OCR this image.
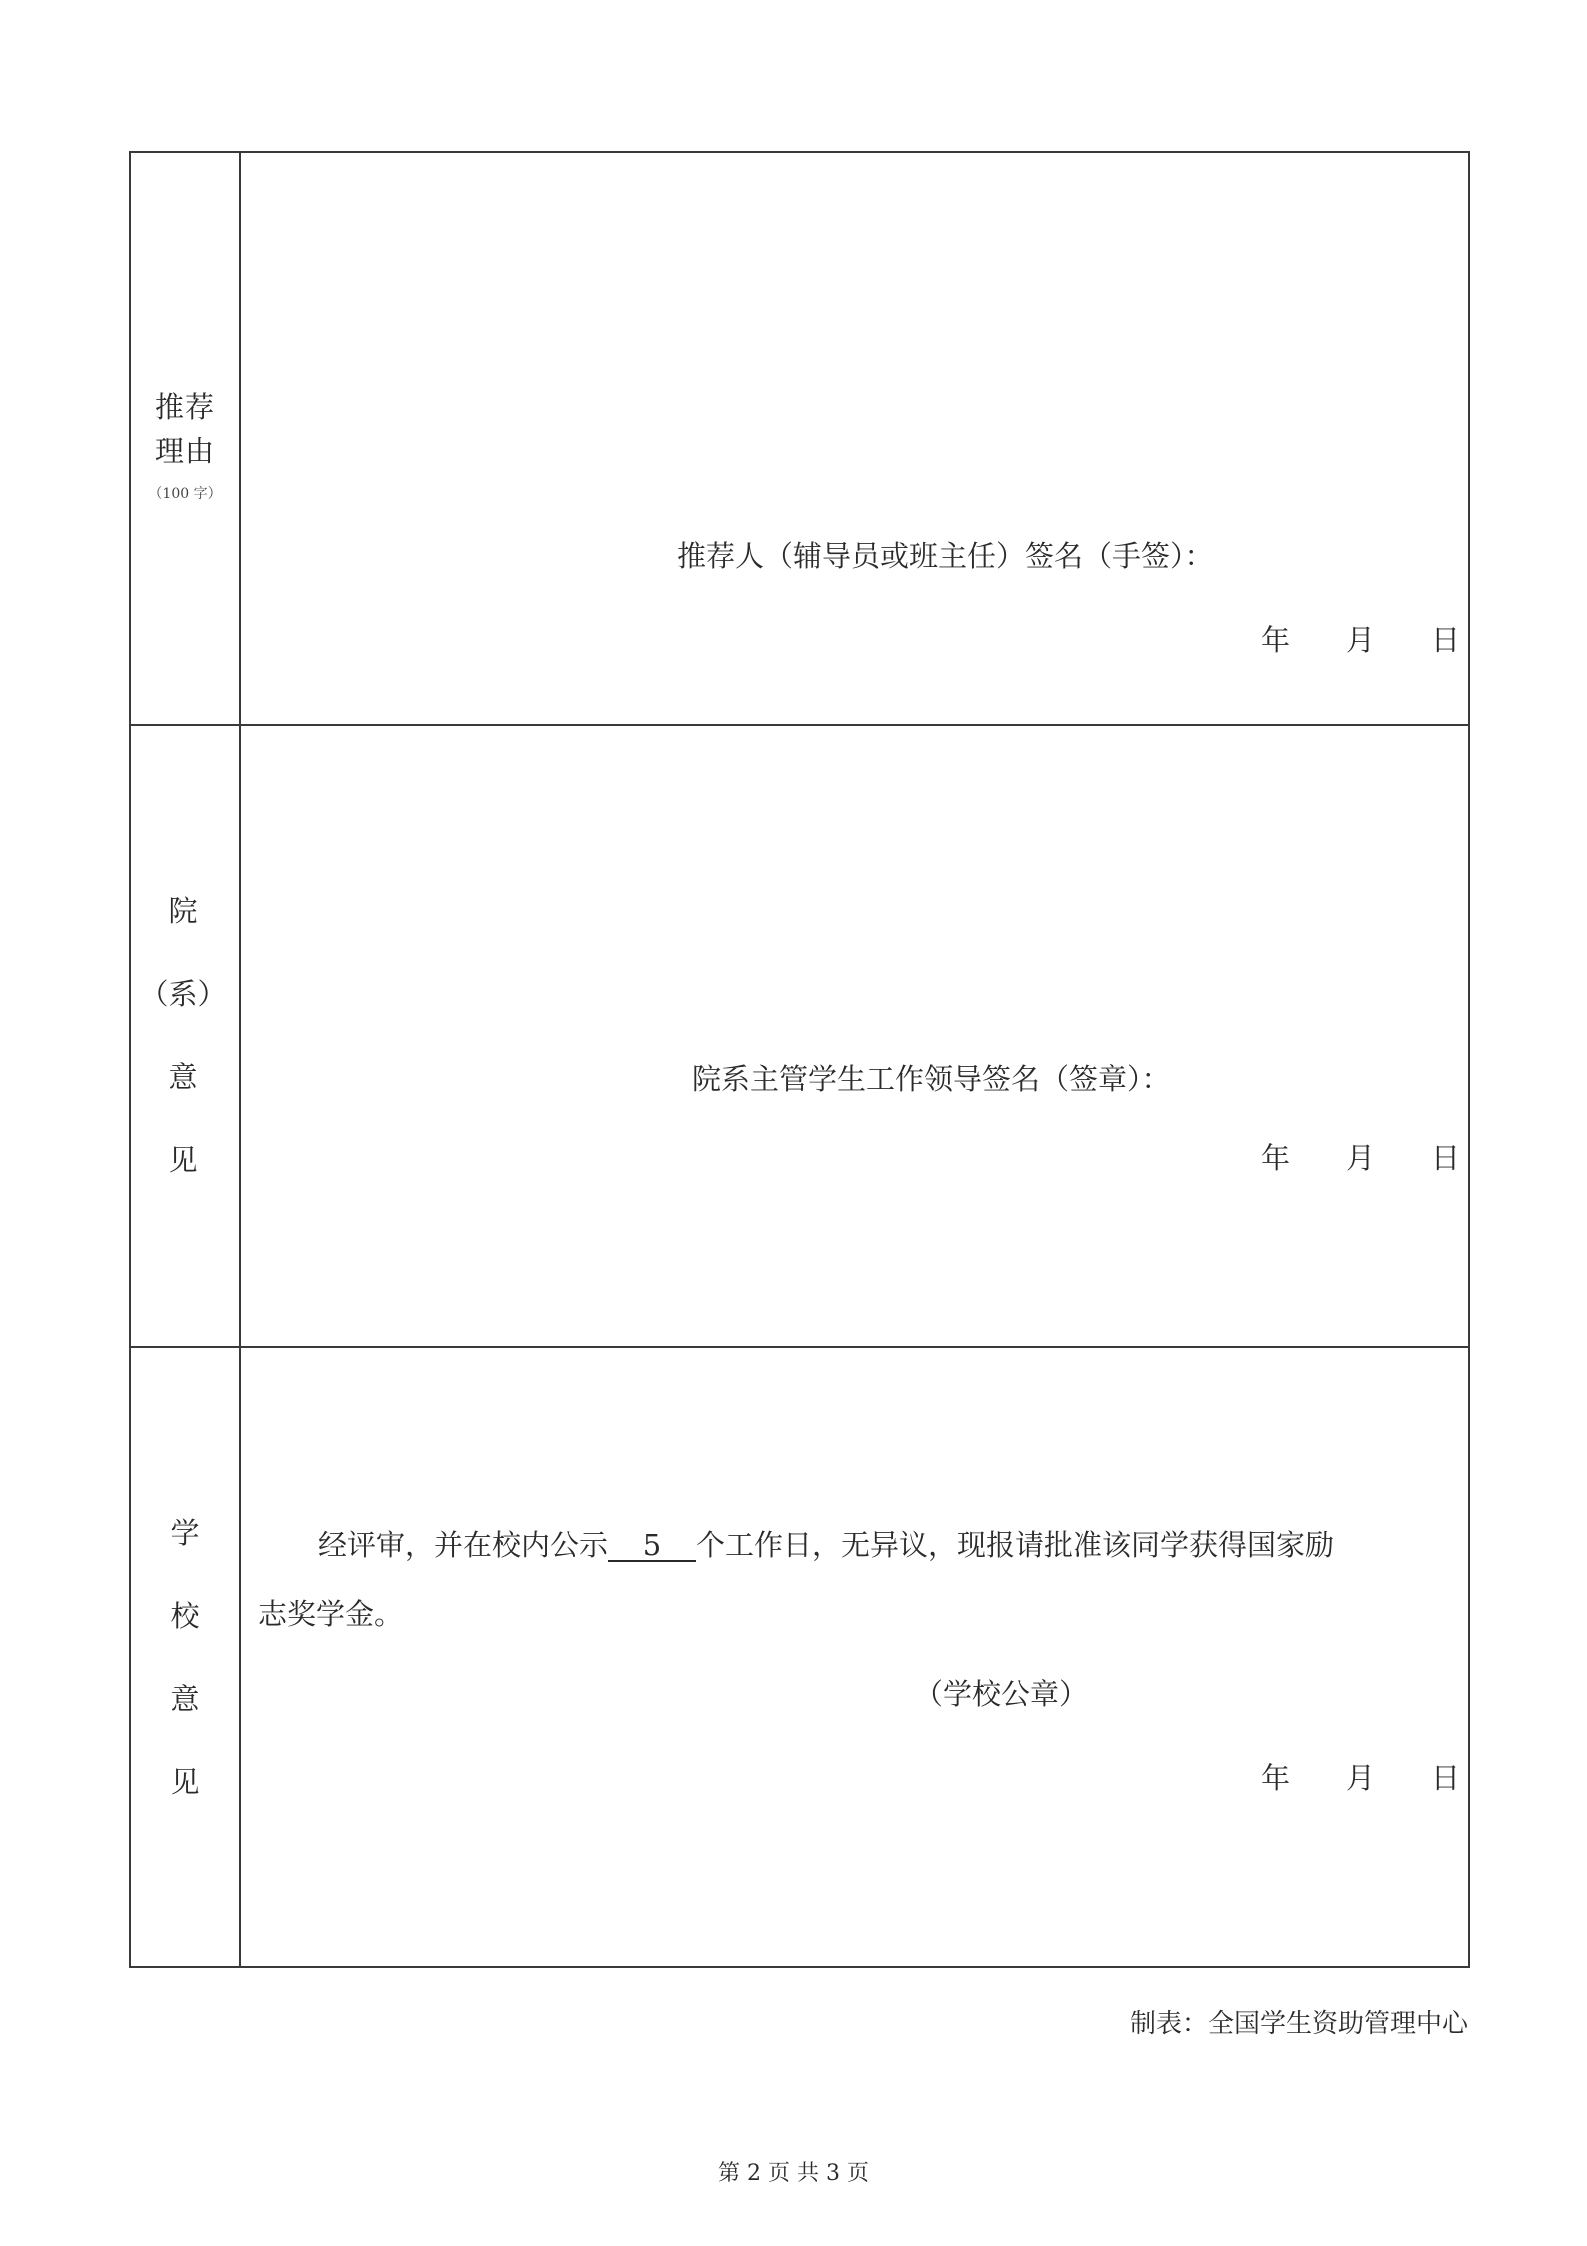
推荐
理由
（100 字）
推荐人（辅导员或班主任）签名（手签）：
年 月 日
院
（系）
意
见
院系主管学生工作领导签名（签章）：
年 月 日
学
校
意
见
经评审，并在校内公示 5 个工作日，无异议，现报请批准该同学获得国家励
志奖学金。
（学校公章）
年 月 日
制表：全国学生资助管理中心
第 2 页 共 3 页
